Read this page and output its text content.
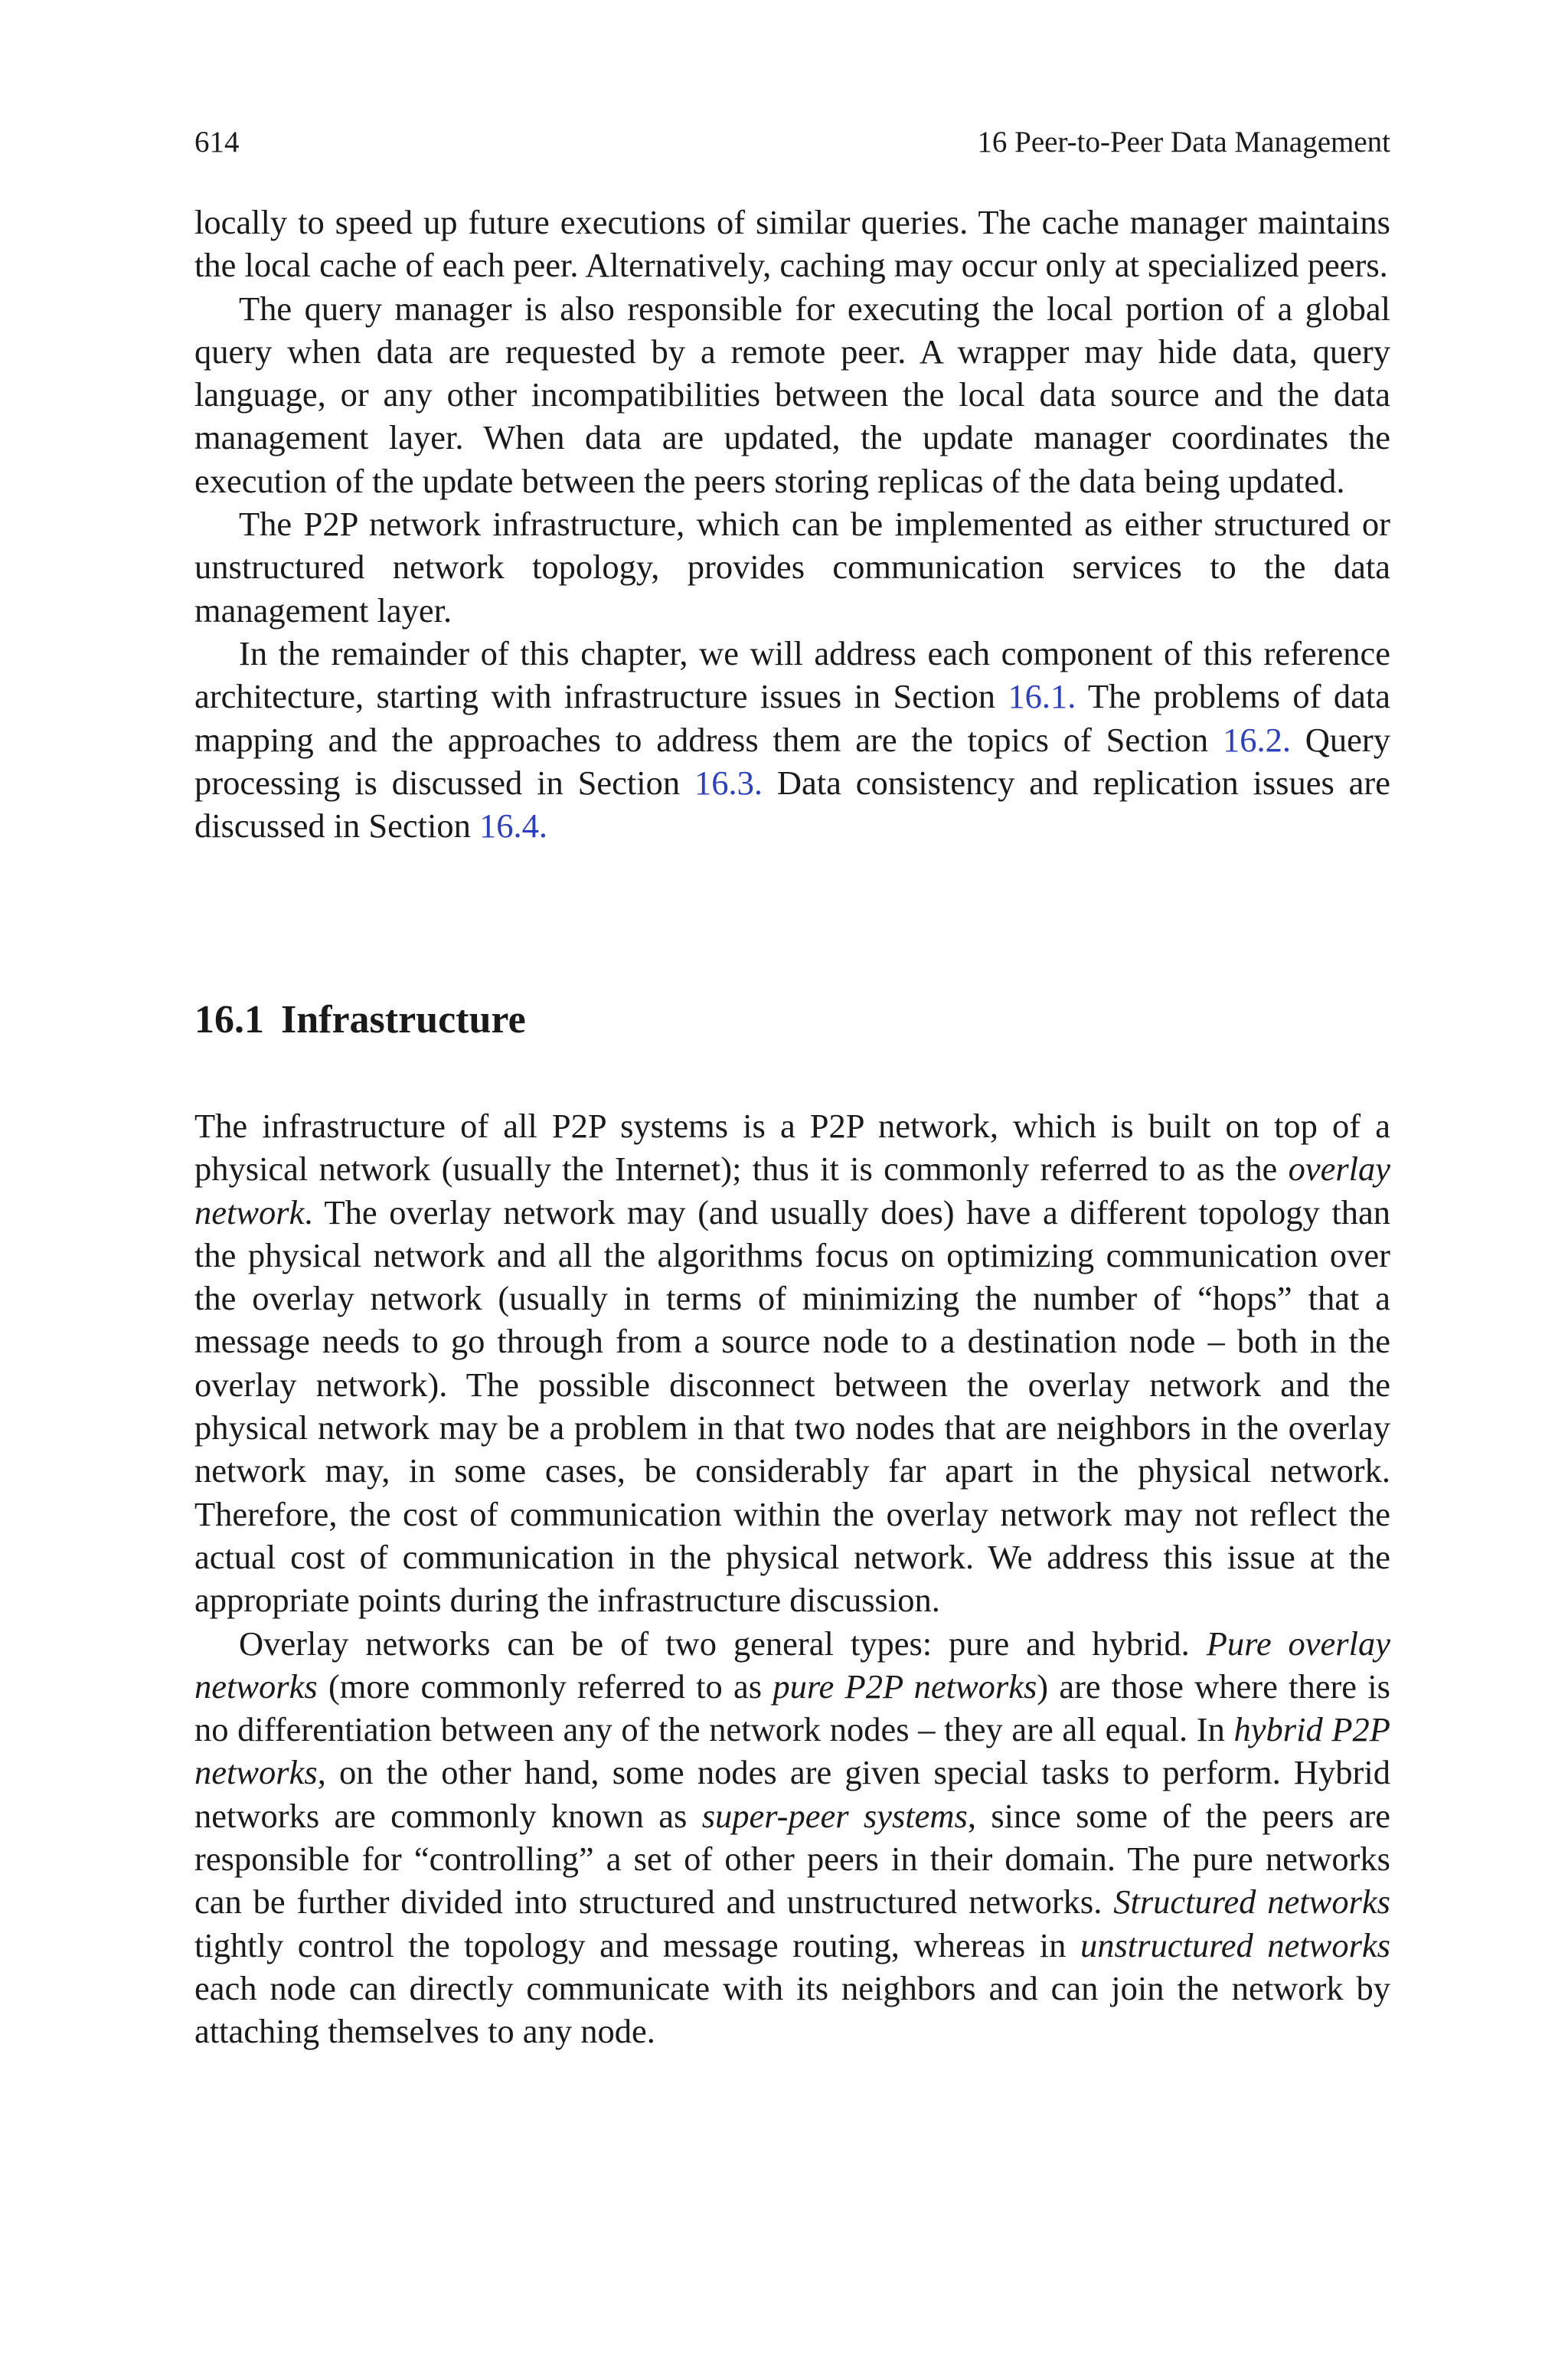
614	16 Peer-to-Peer Data Management

locally to speed up future executions of similar queries. The cache manager maintains the local cache of each peer. Alternatively, caching may occur only at specialized peers.

The query manager is also responsible for executing the local portion of a global query when data are requested by a remote peer. A wrapper may hide data, query language, or any other incompatibilities between the local data source and the data management layer. When data are updated, the update manager coordinates the execution of the update between the peers storing replicas of the data being updated.

The P2P network infrastructure, which can be implemented as either structured or unstructured network topology, provides communication services to the data management layer.

In the remainder of this chapter, we will address each component of this reference architecture, starting with infrastructure issues in Section 16.1. The problems of data mapping and the approaches to address them are the topics of Section 16.2. Query processing is discussed in Section 16.3. Data consistency and replication issues are discussed in Section 16.4.

16.1 Infrastructure

The infrastructure of all P2P systems is a P2P network, which is built on top of a physical network (usually the Internet); thus it is commonly referred to as the overlay network. The overlay network may (and usually does) have a different topology than the physical network and all the algorithms focus on optimizing communication over the overlay network (usually in terms of minimizing the number of “hops” that a message needs to go through from a source node to a destination node – both in the overlay network). The possible disconnect between the overlay network and the physical network may be a problem in that two nodes that are neighbors in the overlay network may, in some cases, be considerably far apart in the physical network. Therefore, the cost of communication within the overlay network may not reflect the actual cost of communication in the physical network. We address this issue at the appropriate points during the infrastructure discussion.

Overlay networks can be of two general types: pure and hybrid. Pure overlay networks (more commonly referred to as pure P2P networks) are those where there is no differentiation between any of the network nodes – they are all equal. In hybrid P2P networks, on the other hand, some nodes are given special tasks to perform. Hybrid networks are commonly known as super-peer systems, since some of the peers are responsible for “controlling” a set of other peers in their domain. The pure networks can be further divided into structured and unstructured networks. Structured networks tightly control the topology and message routing, whereas in unstructured networks each node can directly communicate with its neighbors and can join the network by attaching themselves to any node.
